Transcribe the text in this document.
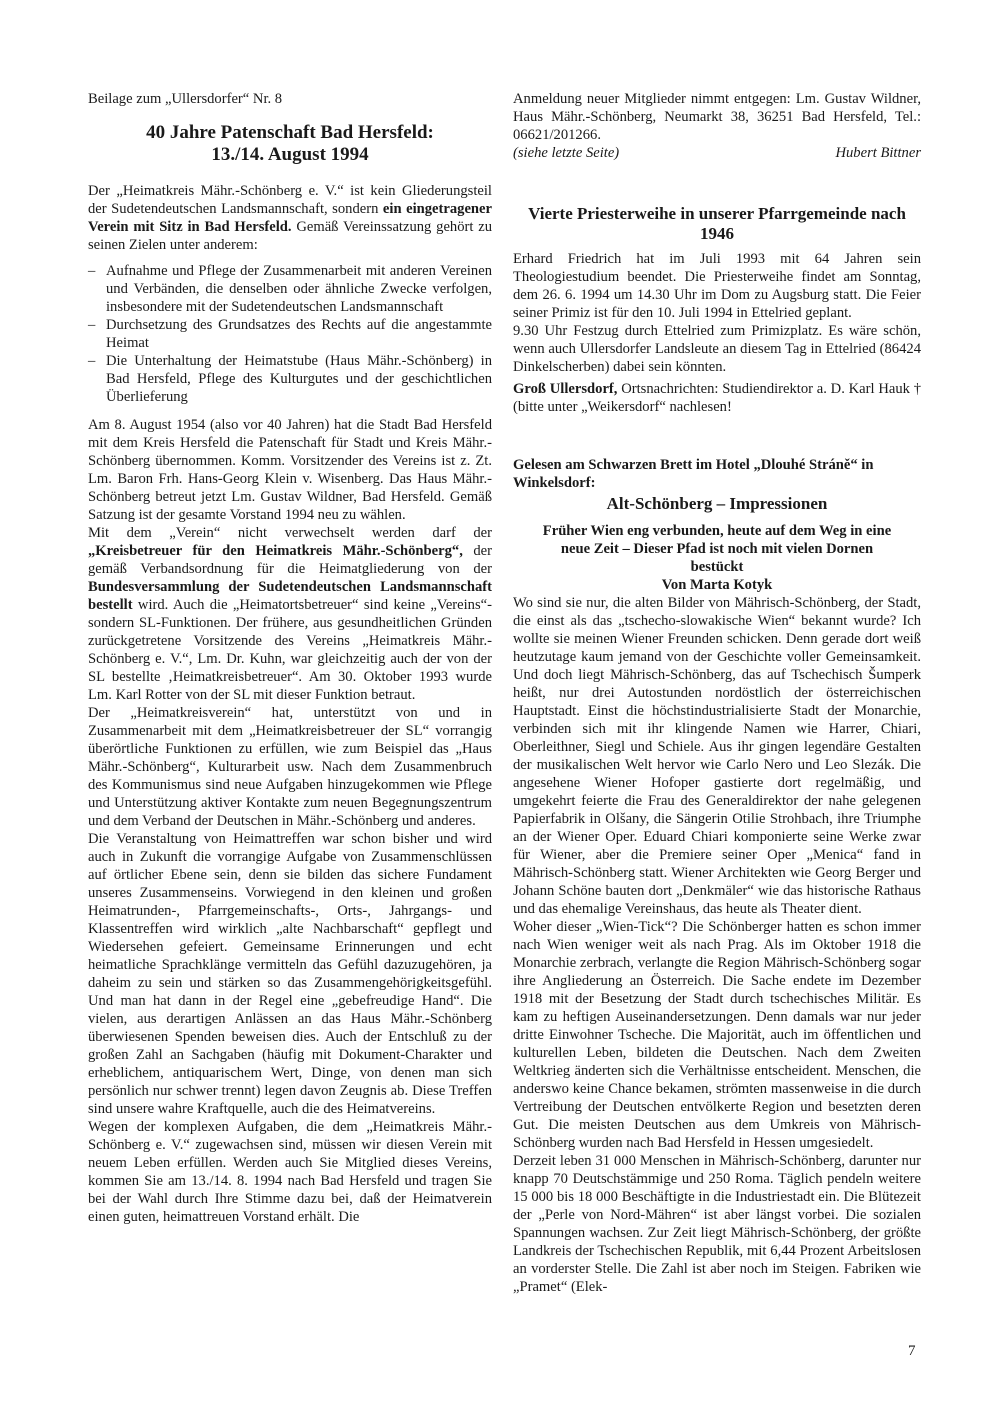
Beilage zum „Ullersdorfer“ Nr. 8

40 Jahre Patenschaft Bad Hersfeld:
13./14. August 1994

Der „Heimatkreis Mähr.-Schönberg e. V.“ ist kein Gliederungsteil der Sudetendeutschen Landsmannschaft, sondern ein eingetragener Verein mit Sitz in Bad Hersfeld. Gemäß Vereinssatzung gehört zu seinen Zielen unter anderem:

– Aufnahme und Pflege der Zusammenarbeit mit anderen Vereinen und Verbänden, die denselben oder ähnliche Zwecke verfolgen, insbesondere mit der Sudetendeutschen Landsmannschaft
– Durchsetzung des Grundsatzes des Rechts auf die angestammte Heimat
– Die Unterhaltung der Heimatstube (Haus Mähr.-Schönberg) in Bad Hersfeld, Pflege des Kulturgutes und der geschichtlichen Überlieferung

Am 8. August 1954 (also vor 40 Jahren) hat die Stadt Bad Hersfeld mit dem Kreis Hersfeld die Patenschaft für Stadt und Kreis Mähr.-Schönberg übernommen. Komm. Vorsitzender des Vereins ist z. Zt. Lm. Baron Frh. Hans-Georg Klein v. Wisenberg. Das Haus Mähr.-Schönberg betreut jetzt Lm. Gustav Wildner, Bad Hersfeld. Gemäß Satzung ist der gesamte Vorstand 1994 neu zu wählen.

Mit dem „Verein“ nicht verwechselt werden darf der „Kreisbetreuer für den Heimatkreis Mähr.-Schönberg“, der gemäß Verbandsordnung für die Heimatgliederung von der Bundesversammlung der Sudetendeutschen Landsmannschaft bestellt wird. Auch die „Heimatortsbetreuer“ sind keine „Vereins“-sondern SL-Funktionen. Der frühere, aus gesundheitlichen Gründen zurückgetretene Vorsitzende des Vereins „Heimatkreis Mähr.-Schönberg e. V.“, Lm. Dr. Kuhn, war gleichzeitig auch der von der SL bestellte ‚Heimatkreisbetreuer“. Am 30. Oktober 1993 wurde Lm. Karl Rotter von der SL mit dieser Funktion betraut.

Der „Heimatkreisverein“ hat, unterstützt von und in Zusammenarbeit mit dem „Heimatkreisbetreuer der SL“ vorrangig überörtliche Funktionen zu erfüllen, wie zum Beispiel das „Haus Mähr.-Schönberg“, Kulturarbeit usw. Nach dem Zusammenbruch des Kommunismus sind neue Aufgaben hinzugekommen wie Pflege und Unterstützung aktiver Kontakte zum neuen Begegnungszentrum und dem Verband der Deutschen in Mähr.-Schönberg und anderes.

Die Veranstaltung von Heimattreffen war schon bisher und wird auch in Zukunft die vorrangige Aufgabe von Zusammenschlüssen auf örtlicher Ebene sein, denn sie bilden das sichere Fundament unseres Zusammenseins. Vorwiegend in den kleinen und großen Heimatrunden-, Pfarrgemeinschafts-, Orts-, Jahrgangs- und Klassentreffen wird wirklich „alte Nachbarschaft“ gepflegt und Wiedersehen gefeiert. Gemeinsame Erinnerungen und echt heimatliche Sprachklänge vermitteln das Gefühl dazuzugehören, ja daheim zu sein und stärken so das Zusammengehörigkeitsgefühl. Und man hat dann in der Regel eine „gebefreudige Hand“. Die vielen, aus derartigen Anlässen an das Haus Mähr.-Schönberg überwiesenen Spenden beweisen dies. Auch der Entschluß zu der großen Zahl an Sachgaben (häufig mit Dokument-Charakter und erheblichem, antiquarischem Wert, Dinge, von denen man sich persönlich nur schwer trennt) legen davon Zeugnis ab. Diese Treffen sind unsere wahre Kraftquelle, auch die des Heimatvereins.

Wegen der komplexen Aufgaben, die dem „Heimatkreis Mähr.-Schönberg e. V.“ zugewachsen sind, müssen wir diesen Verein mit neuem Leben erfüllen. Werden auch Sie Mitglied dieses Vereins, kommen Sie am 13./14. 8. 1994 nach Bad Hersfeld und tragen Sie bei der Wahl durch Ihre Stimme dazu bei, daß der Heimatverein einen guten, heimattreuen Vorstand erhält. Die

Anmeldung neuer Mitglieder nimmt entgegen: Lm. Gustav Wildner, Haus Mähr.-Schönberg, Neumarkt 38, 36251 Bad Hersfeld, Tel.: 06621/201266.

(siehe letzte Seite)	Hubert Bittner
Vierte Priesterweihe in unserer Pfarrgemeinde nach 1946

Erhard Friedrich hat im Juli 1993 mit 64 Jahren sein Theologiestudium beendet. Die Priesterweihe findet am Sonntag, dem 26. 6. 1994 um 14.30 Uhr im Dom zu Augsburg statt. Die Feier seiner Primiz ist für den 10. Juli 1994 in Ettelried geplant.

9.30 Uhr Festzug durch Ettelried zum Primizplatz. Es wäre schön, wenn auch Ullersdorfer Landsleute an diesem Tag in Ettelried (86424 Dinkelscherben) dabei sein könnten.

Groß Ullersdorf, Ortsnachrichten: Studiendirektor a. D. Karl Hauk † (bitte unter „Weikersdorf“ nachlesen!

Gelesen am Schwarzen Brett im Hotel „Dlouhé Stráně“ in Winkelsdorf:

Alt-Schönberg – Impressionen
Früher Wien eng verbunden, heute auf dem Weg in eine neue Zeit – Dieser Pfad ist noch mit vielen Dornen bestückt
Von Marta Kotyk

Wo sind sie nur, die alten Bilder von Mährisch-Schönberg, der Stadt, die einst als das „tschecho-slowakische Wien“ bekannt wurde? Ich wollte sie meinen Wiener Freunden schicken. Denn gerade dort weiß heutzutage kaum jemand von der Geschichte voller Gemeinsamkeit. Und doch liegt Mährisch-Schönberg, das auf Tschechisch Šumperk heißt, nur drei Autostunden nordöstlich der österreichischen Hauptstadt. Einst die höchstindustrialisierte Stadt der Monarchie, verbinden sich mit ihr klingende Namen wie Harrer, Chiari, Oberleithner, Siegl und Schiele. Aus ihr gingen legendäre Gestalten der musikalischen Welt hervor wie Carlo Nero und Leo Slezák. Die angesehene Wiener Hofoper gastierte dort regelmäßig, und umgekehrt feierte die Frau des Generaldirektor der nahe gelegenen Papierfabrik in Olšany, die Sängerin Otilie Strohbach, ihre Triumphe an der Wiener Oper. Eduard Chiari komponierte seine Werke zwar für Wiener, aber die Premiere seiner Oper „Menica“ fand in Mährisch-Schönberg statt. Wiener Architekten wie Georg Berger und Johann Schöne bauten dort „Denkmäler“ wie das historische Rathaus und das ehemalige Vereinshaus, das heute als Theater dient.

Woher dieser „Wien-Tick“? Die Schönberger hatten es schon immer nach Wien weniger weit als nach Prag. Als im Oktober 1918 die Monarchie zerbrach, verlangte die Region Mährisch-Schönberg sogar ihre Angliederung an Österreich. Die Sache endete im Dezember 1918 mit der Besetzung der Stadt durch tschechisches Militär. Es kam zu heftigen Auseinandersetzungen. Denn damals war nur jeder dritte Einwohner Tscheche. Die Majorität, auch im öffentlichen und kulturellen Leben, bildeten die Deutschen. Nach dem Zweiten Weltkrieg änderten sich die Verhältnisse entscheident. Menschen, die anderswo keine Chance bekamen, strömten massenweise in die durch Vertreibung der Deutschen entvölkerte Region und besetzten deren Gut. Die meisten Deutschen aus dem Umkreis von Mährisch-Schönberg wurden nach Bad Hersfeld in Hessen umgesiedelt.

Derzeit leben 31 000 Menschen in Mährisch-Schönberg, darunter nur knapp 70 Deutschstämmige und 250 Roma. Täglich pendeln weitere 15 000 bis 18 000 Beschäftigte in die Industriestadt ein. Die Blütezeit der „Perle von Nord-Mähren“ ist aber längst vorbei. Die sozialen Spannungen wachsen. Zur Zeit liegt Mährisch-Schönberg, der größte Landkreis der Tschechischen Republik, mit 6,44 Prozent Arbeitslosen an vorderster Stelle. Die Zahl ist aber noch im Steigen. Fabriken wie „Pramet“ (Elek-

7
